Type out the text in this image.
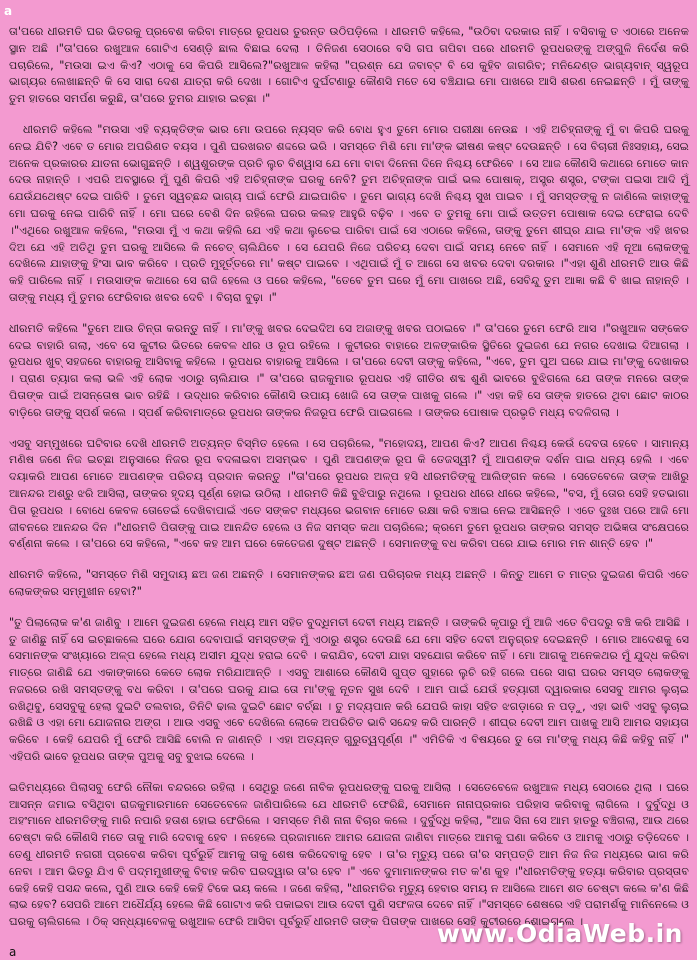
a

ତା'ପରେ ଧୀରମତି ଘର ଭିତରକୁ ପ୍ରବେଶ କରିବା ମାତ୍ରେ ରୂପଧର ତୁରନ୍ତ ଉଠିପଡ଼ିଲେ । ଧୀରମତି କହିଲେ, "ଉଠିବା ଦରକାର ନାହିଁ । ବସିବାକୁ ତ ଏଠାରେ ଅନେକ ସ୍ଥାନ ଅଛି ।"ତା'ପରେ ରଖୁଆଳ ଗୋଟିଏ ସେଣ୍ଡ଼ି ଛାଲ ବିଛାଇ ଦେଲା । ତିନିଜଣ ସେଠାରେ ବସି ଗପ ଗପିବା ପରେ ଧୀରମତି ରୂପଧରଙ୍କୁ ଅଙ୍ଗୁଳି ନିର୍ଦେଶ କରି ପଚାରିଲେ, "ମଉସା ଇଏ କିଏ? ଏଠାକୁ ସେ କିପରି ଆସିଲେ?"ରଖୁଆଳ କହିଲା "ପ୍ରଶ୍ନ ଯେ ଜବାବ୍ଟ ବି ସେ କୁହିବ ଜାଗରିବ; ମନିନ୍ଦେଣ୍ଡ ଭାଗ୍ୟବାନ୍ ସ୍ୱରୂପ ଭାଗ୍ୟର ଲେଖାଛନ୍ତି କି ସେ ସାରା ଦେଶ ଯାତ୍ରା କରି ଦେଖା । ଗୋଟିଏ ଦୁର୍ଘଟଣାରୁ କୌଣସି ମତେ ସେ ବଞ୍ଚିଯାଇ ମୋ ପାଖରେ ଆସି ଶରଣ ନେଇଛନ୍ତି । ମୁଁ ତାଙ୍କୁ ତୁମ ହାତରେ ସମର୍ପଣ କରୁଛି, ତା'ପରେ ତୁମର ଯାହାର ଇଚ୍ଛା ।"

ଧୀରମତି କହିଲେ "ମଉସା ଏହି ବ୍ୟକ୍ତିଙ୍କ ଭାର ମୋ ଉପରେ ନ୍ୟସ୍ତ କରି ବୋଧ ହୁଏ ତୁମେ ମୋର ପରୀକ୍ଷା ନେଉଛ । ଏହି ଅଚିହ୍ନାଙ୍କୁ ମୁଁ ବା କିପରି ଘରକୁ ନେଇ ଯିବି? ଏବେ ତ ମୋର ଅପରିଣତ ବୟସ । ପୁଣି ଘରଖରଚ ଶଦ୍ଦରେ ଭରି । ସମସ୍ତେ ମିଶି ମୋ ମା'ଙ୍କ ଭୀଷଣ କଷ୍ଟ ଦେଉଛନ୍ତି । ସେ ବିଚାରୀ ନିଃସହାୟ, ସେଇ ଅନେକ ପ୍ରକାରର ଯାତନା ଭୋଗୁଛନ୍ତି । ଶ୍ୱଶୁରଙ୍କ ପ୍ରତି ଲୁଚ ବିଶ୍ୱାସ ଯେ ମୋ ବାବା ଦିନେନା ଦିନେ ନିଶ୍ଚୟ ଫେରିବେ । ସେ ଆଜ କୌଣସି କଥାରେ ମୋତେ କାନ ଦେଉ ନାହାନ୍ତି । ଏପରି ଅବସ୍ଥାରେ ମୁଁ ପୁଣି କିପରି ଏହି ଅଚିହ୍ନାଙ୍କ ଘରକୁ ନେବି? ତୁମ ଅଚିହ୍ନାଙ୍କ ପାଇଁ ଭଲ ପୋଷାକ୍, ଅସ୍ତ୍ର ଶସ୍ତ୍ର, ଟଙ୍କା ପଇସା ଆଦି ମୁଁ ଯେଉଁଯଥେଷ୍ଟ ଦେଇ ପାରିବି । ତୁମେ ସ୍ୱଚ୍ଛନ୍ଦ ଭାଗ୍ୟ ପାଇଁ ଫେରି ଯାଇପାରିବ । ତୁମେ ଭାଗ୍ୟ ଦେଖି ନିଶ୍ଚୟ ସୁଖ ପାଇବ । ମୁଁ ସମସ୍ତଙ୍କୁ ନ ଜାଣିଲେ କାହାଙ୍କୁ ମୋ ଘରକୁ ନେଇ ପାରିବି ନାହିଁ । ମୋ ଘରେ ବେଶି ଦିନ ରହିଲେ ଘରର କଲହ ଆହୁରି ବଢ଼ିବ । ଏବେ ତ ତୁମକୁ ମୋ ପାଇଁ ଉତ୍ତମ ପୋଷାକ ଦେଇ ଫେରାଇ ଦେବି ।"ଏଥିରେ ରଖୁଆଳ କହିଲେ, "ମଉସା ମୁଁ ଏ କଥା କହିଲି ଯେ ଏହି କଥା ଲୁଚେଇ ପାରିବା ପାଇଁ ସେ ଏଠାରେ କହିଲେ, ତାଙ୍କୁ ତୁମେ ଶୀଘ୍ର ଯାଇ ମା'ଙ୍କ ଏହି ଖବର ଦିଅ ଯେ ଏହି ଅତିଥି ତୁମ ଘରକୁ ଆସିଲେ କି ନଚେତ୍ ଚାଲିଯିବେ । ସେ ଯେପରି ନିଜେ ପରିଚୟ ଦେବା ପାଇଁ ସମୟ ନେବେ ନାହିଁ । ସେମାନେ ଏହି ନୂଆ ଲୋକଙ୍କୁ ଦେଖିଲେ ଯାହାଙ୍କୁ ହିଂସା ଭାବ କରିବେ । ପ୍ରତି ମୁହୂର୍ତ୍ତରେ ମା' କଷ୍ଟ ପାଇବେ । ଏଥିପାଇଁ ମୁଁ ତ ଆଗେ ସେ ଖବର ଦେବା ଦରକାର ।"ଏହା ଶୁଣି ଧୀରମତି ଆଉ କିଛି କହି ପାରିଲେ ନାହିଁ । ମଉସାଙ୍କ କଥାରେ ସେ ରାଜି ହେଲେ ଓ ପରେ କହିଲେ, "ତେବେ ତୁମ ଘରେ ମୁଁ ମୋ ପାଖରେ ଅଛି, ସେବିନ୍ଦୁ ତୁମ ଆଜ୍ଞା କଛି ବି ଖାଇ ନାହାନ୍ତି । ତାଙ୍କୁ ମଧ୍ୟ ମୁଁ ତୁମର ଫେରିବାର ଖବର ଦେବି । ବିଚାରା ବୁଢ଼ା ।"

ଧୀରମତି କହିଲେ "ତୁମେ ଆଉ ଚିନ୍ତା କରନ୍ତୁ ନାହିଁ । ମା'ଙ୍କୁ ଖବର ଦେଇଦିଅ ସେ ଅଜାଙ୍କୁ ଖବର ପଠାଇବେ ।" ତା'ପରେ ତୁମେ ଫେରି ଆସ ।"ରଖୁଆଳ ସଙ୍କେତ ଦେଇ ବାହାରି ଗଲା, ଏବେ ସେ କୁଟୀର ଭିତରେ କେବଳ ଧୀର ଓ ରୂପ ରହିଲେ । କୁଟୀରର ବାହାରେ ଅଳଙ୍କାରିକ ସ୍ଥିତିରେ ଦୁଇଜଣ ଯେ ନଗର ଦେଖାଇ ଦିଆଗଲା । ରୂପଧର ଖୁବ୍ ସହଜରେ ବାହାରକୁ ଆସିବାକୁ କହିଲେ । ରୂପଧର ବାହାରକୁ ଆସିଲେ । ତା'ପରେ ଦେବୀ ତାଙ୍କୁ କହିଲେ, "ଏବେ, ତୁମ ପୁଅ ଘରେ ଯାଇ ମା'ଙ୍କୁ ଦେଖାକର । ପ୍ରାଣ ତ୍ୟାଗ କଲା ଭଳି ଏହି ଲୋକ ଏଠାରୁ ଚାଲିଯାଉ ।" ତା'ପରେ ରାଜକୁମାର ରୂପଧର ଏହି ଗୀତିର ଶବ୍ଦ ଶୁଣି ଭାବରେ ବୁଝିଗଲେ ଯେ ତାଙ୍କ ମନରେ ତାଙ୍କ ପିତାଙ୍କ ପାଇଁ ଅସନ୍ତୋଷ ଭାବ ରହିଛି । ଉଦ୍ଧାର କରିବାର କୌଣସି ଉପାୟ ଖୋଜି ସେ ତାଙ୍କ ପାଖକୁ ଗଲେ ।" ଏହା କହି ସେ ତାଙ୍କ ହାତରେ ଥିବା ଛୋଟ କାଠର ବାଡ଼ିରେ ତାଙ୍କୁ ସ୍ପର୍ଶ କଲେ । ସ୍ପର୍ଶ କରିବାମାତ୍ରେ ରୂପଧର ତାଙ୍କର ନିଜରୂପ ଫେରି ପାଇଗଲେ । ତାଙ୍କର ପୋଷାକ ପ୍ରଭୃତି ମଧ୍ୟ ବଦଳିଗଲା ।

ଏସବୁ ସମ୍ମୁଖରେ ଘଟିବାର ଦେଖି ଧୀରମତି ଅତ୍ୟନ୍ତ ବିସ୍ମିତ ହେଲେ । ସେ ପଚାରିଲେ, "ମହୋଦୟ, ଆପଣ କିଏ? ଆପଣ ନିଶ୍ଚୟ କେଉଁ ଦେବତା ହେବେ । ସାମାନ୍ୟ ମଣିଷ ଜଣେ ନିଜ ଇଚ୍ଛା ଅନୁସାରେ ନିଜର ରୂପ ବଦଳାଇବା ଅସମ୍ଭବ । ପୁଣି ଆପଣଙ୍କ ରୂପ କି ତେଜସ୍ୱୀ? ମୁଁ ଆପଣଙ୍କ ଦର୍ଶନ ପାଇ ଧନ୍ୟ ହେଲି । ଏବେ ଦୟାକରି ଆପଣ ମୋତେ ଆପଣଙ୍କ ପରିଚୟ ପ୍ରଦାନ କରନ୍ତୁ ।"ତା'ପରେ ରୂପଧର ଅଳ୍ପ ହସି ଧୀରମତିଙ୍କୁ ଆଲିଙ୍ଗନ କଲେ । ସେତେବେଳେ ତାଙ୍କ ଆଖିରୁ ଆନନ୍ଦର ଅଶ୍ରୁ ଝରି ଆସିଲା, ତାଙ୍କର ହୃଦୟ ପୂର୍ଣ୍ଣ ହୋଇ ଉଠିଲା । ଧୀରମତି କିଛି ବୁଝିପାରୁ ନଥିଲେ । ରୂପଧର ଧୀରେ ଧୀରେ କହିଲେ, "ବସ, ମୁଁ ତୋର ସେହି ହତଭାଗା ପିତା ରୂପଧର । ବୋଧେ କେବଳ ତୋତେଇଁ ଦେଖିବାପାଇଁ ଏତେ ସଙ୍କଟ ମଧ୍ୟରେ ଭଗବାନ ମୋତେ ରକ୍ଷା କରି ବଞ୍ଚାଇ ନେଇ ଆସିଛନ୍ତି । ଏତେ ଦୁଃଖ ପରେ ଆଜି ମୋ ଜୀବନରେ ଆନନ୍ଦର ଦିନ ।"ଧୀରମତି ପିତାଙ୍କୁ ପାଇ ଆନନ୍ଦିତ ହେଲେ ଓ ନିଜ ସମସ୍ତ କଥା ପଚାରିଲେ; କ୍ରମେ ତୁମେ ରୂପଧର ତାଙ୍କର ସମସ୍ତ ଅଭିଜ୍ଞତା ସଂକ୍ଷେପରେ ବର୍ଣ୍ଣନା କଲେ । ତା'ପରେ ସେ କହିଲେ, "ଏବେ କହ ଆମ ଘରେ କେତେଜଣ ଦୁଷ୍ଟ ଅଛନ୍ତି । ସେମାନଙ୍କୁ ବଧ କରିବା ପରେ ଯାଇ ମୋର ମନ ଶାନ୍ତି ହେବ ।"

ଧୀରମତି କହିଲେ, "ସମସ୍ତେ ମିଶି ସମୁଦାୟ ଛଅ ଜଣ ଅଛନ୍ତି । ସେମାନଙ୍କର ଛଅ ଜଣ ପରିଚାରକ ମଧ୍ୟ ଅଛନ୍ତି । କିନ୍ତୁ ଆମେ ତ ମାତ୍ର ଦୁଇଜଣ କିପରି ଏତେ ଲୋକଙ୍କର ସମ୍ମୁଖୀନ ହେବା?"

"ତୁ ପିଲାଲୋକ କ'ଣ ଜାଣିବୁ । ଆମେ ଦୁଇଜଣ ହେଲେ ମଧ୍ୟ ଆମ ସହିତ ବୁଦ୍ଧିମତୀ ଦେବୀ ମଧ୍ୟ ଅଛନ୍ତି । ତାଙ୍କରି କୃପାରୁ ମୁଁ ଆଜି ଏତେ ବିପଦରୁ ବଞ୍ଚି କରି ଆସିଛି । ତୁ ଜାଣିଛୁ ନାହିଁ ସେ ଇଚ୍ଛାକଲେ ଘରେ ଯୋଗ ଦେବାପାଇଁ ସମସ୍ତଙ୍କ ମୁଁ ଏଠାରୁ ଶସ୍ତ୍ର ଦେଉଛି ଯେ ମୋ ସହିତ ଦେବୀ ଅନୁଗ୍ରହ ଦେଇଛନ୍ତି । ମୋର ଆଦେଶକୁ ସେ ସେମାନଙ୍କ ସଂଖ୍ୟାରେ ଅଳ୍ପ ହେଲେ ମଧ୍ୟ ଅସୀମ ଯୁଦ୍ଧ ହରାଇ ଦେବି । କରାଯିବ, ଦେବୀ ଯାହା ସହଯୋଗ କରିବେ ନାହିଁ । ମୋ ଆଗକୁ ଅନେକଥର ମୁଁ ଯୁଦ୍ଧ କରିବା ମାତ୍ରେ ଜାଣିଛି ଯେ ଏକାଙ୍କାରେ କେତେ ଲୋକ ମରିଯାଆନ୍ତି । ଏସବୁ ଆଶାରେ କୌଣସି ଗୁପ୍ତ ଗୁହାରେ ଲୁଚି ରହି ଗଲେ ପରେ ସାରା ଘରର ସମସ୍ତ ଲୋକଙ୍କୁ ନଜରରେ ରଖି ସମସ୍ତଙ୍କୁ ବଧ କରିବା । ତା'ପରେ ଘରକୁ ଯାଇ ତୋ ମା'ଙ୍କୁ ନୂତନ ସୁଖ ଦେବି । ଆମ ପାଇଁ ଯେଉଁ ହତ୍ୟାରୀ ଦ୍ୱାରକାର ସେସବୁ ଆମର ଲୁଚାଇ ରଖିଥିବୁ, ସେସବୁକୁ ହେଲା ଦୁଇଟି ତଲବାର, ତିନିଟି ଢାଲ ଦୁଇଟି ଛୋଟ ବର୍ଚ୍ଛା । ତୁ ମଦ୍ୟପାନ କରି ଯେପରି କାହା ସହିତ ଝଗଡ଼ାରେ ନ ପଡ଼ୁ, ଏହା ଭାବି ଏସବୁ ଲୁଚାଇ ରଖିଛି ଓ ଏହା ମୋ ଯୋଜନାର ଅଙ୍ଗ । ଆଉ ଏସବୁ ଏବେ ଦେଖିଲେ ଲୋକେ ଅପରିଚିତ ଭାବି ସନ୍ଦେହ କରି ପାରନ୍ତି । ଶୀଘ୍ର ଦେବୀ ଆମ ପାଖକୁ ଆସି ଆମର ସହାୟତା କରିବେ । କେହି ଯେପରି ମୁଁ ଫେରି ଆସିଛି ବୋଲି ନ ଜାଣନ୍ତି । ଏହା ଅତ୍ୟନ୍ତ ଗୁରୁତ୍ୱପୂର୍ଣ୍ଣ ।" ଏମିତିକି ଏ ବିଷୟରେ ତୁ ତୋ ମା'ଙ୍କୁ ମଧ୍ୟ କିଛି କହିବୁ ନାହିଁ ।" ଏହିପରି ଭାବେ ରୂପଧର ତାଙ୍କ ପୁଅକୁ ସବୁ ବୁଝାଇ ଦେଲେ ।

ଇତିମଧ୍ୟରେ ପିଲାସବୁ ଫେରି ନୌକା ବନ୍ଦରରେ ରହିଲା । ସେଥିରୁ ଜଣେ ନାବିକ ରୂପଧରଙ୍କୁ ଘରକୁ ଆସିଲା । ସେତେବେଳେ ରଖୁଆଳ ମଧ୍ୟ ସେଠାରେ ଥିଲା । ଘରେ ଆସନ୍ନ ଜମାଇ ବସିଥିବା ରାଜକୁମାରମାନେ ସେତେବେଳେ ଜାଣିପାରିଲେ ଯେ ଧୀରମତି ଫେରିଛି, ସେମାନେ ନାନାପ୍ରକାର ପରିହାସ କରିବାକୁ ଲାଗିଲେ । ଦୁର୍ବୁଦ୍ଧି ଓ ଅହଂମାନେ ଧୀରମତିଙ୍କୁ ମାରି ନପାରି ହତାଶ ହୋଇ ଫେରିଲେ । ସମସ୍ତେ ମିଶି ନାନା ବିଚାର କଲେ । ଦୁର୍ବୁଦ୍ଧି କହିଲା, "ଆଜ ସିନା ସେ ଆମ ହାତରୁ ବଞ୍ଚିଗଲା, ଆଉ ଥରେ ଚେଷ୍ଟା କରି କୌଣସି ମତେ ତାକୁ ମାରି ଦେବାକୁ ହେବ । ନହେଲେ ପ୍ରଜାମାନେ ଆମର ଯୋଜନା ଜାଣିବା ମାତ୍ରେ ଆମକୁ ଘଣା କରିବେ ଓ ଆମକୁ ଏଠାରୁ ତଡ଼ିଦେବେ । ତେଣୁ ଧୀରମତି ନଗରୀ ପ୍ରବେଶ କରିବା ପୂର୍ବରୁହିଁ ଆମକୁ ତାକୁ ଶେଷ କରିଦେବାକୁ ହେବ । ତା'ର ମୃତ୍ୟୁ ପରେ ତା'ର ସମ୍ପତ୍ତି ଆମ ନିଜ ନିଜ ମଧ୍ୟରେ ଭାଗ କରି ନେବା । ଆମ ଭିତରୁ ଯିଏ ବି ପଦ୍ମମୁଖୀଙ୍କୁ ବିବାହ କରିବ ଘରଦ୍ୱାର ତା'ର ହେବ ।" ଏବେ ଦୁମାମାନଙ୍କର ମତ କ'ଣ କୁହ ।"ଧୀରମତିଙ୍କୁ ହତ୍ୟା କରିବାର ପ୍ରସ୍ତାବ କେହି କେହି ପସନ୍ଦ କଲେ, ପୁଣି ଆଉ କେହି କେହି ଟିକେ ଭୟ କଲେ । ଜଣେ କହିଲା, "ଧୀରମତିର ମୃତ୍ୟୁ ହେବାର ସମୟ ନ ଆସିଲେ ଆମେ ଶତ ଚେଷ୍ଟା କଲେ କ'ଣ କିଛି ଲାଭ ହେବ? ସେପରି ଆମେ ଅଧୈର୍ଯ୍ୟ ହେଲେ କିଛି ଗୋଟାଏ କରି ପକାଇବା ଆଉ ଦେବୀ ପୁଣି ସଫଳତା ଦେବେ ନାହିଁ ।"ସମସ୍ତେ ଶେଷରେ ଏହି ପରାମର୍ଶକୁ ମାନିନେଲେ ଓ ଘରକୁ ଚାଲିଗଲେ । ଠିକ୍ ସନ୍ଧ୍ୟାବେଳକୁ ରଖୁଆଳ ଫେରି ଆସିବା ପୂର୍ବରୁହିଁ ଧୀରମତି ତାଙ୍କ ପିତାଙ୍କ ପାଖରେ ସେହି କୁଟୀରରେ ଶୋଇଗଲେ ।

a

www.OdiaWeb.in
